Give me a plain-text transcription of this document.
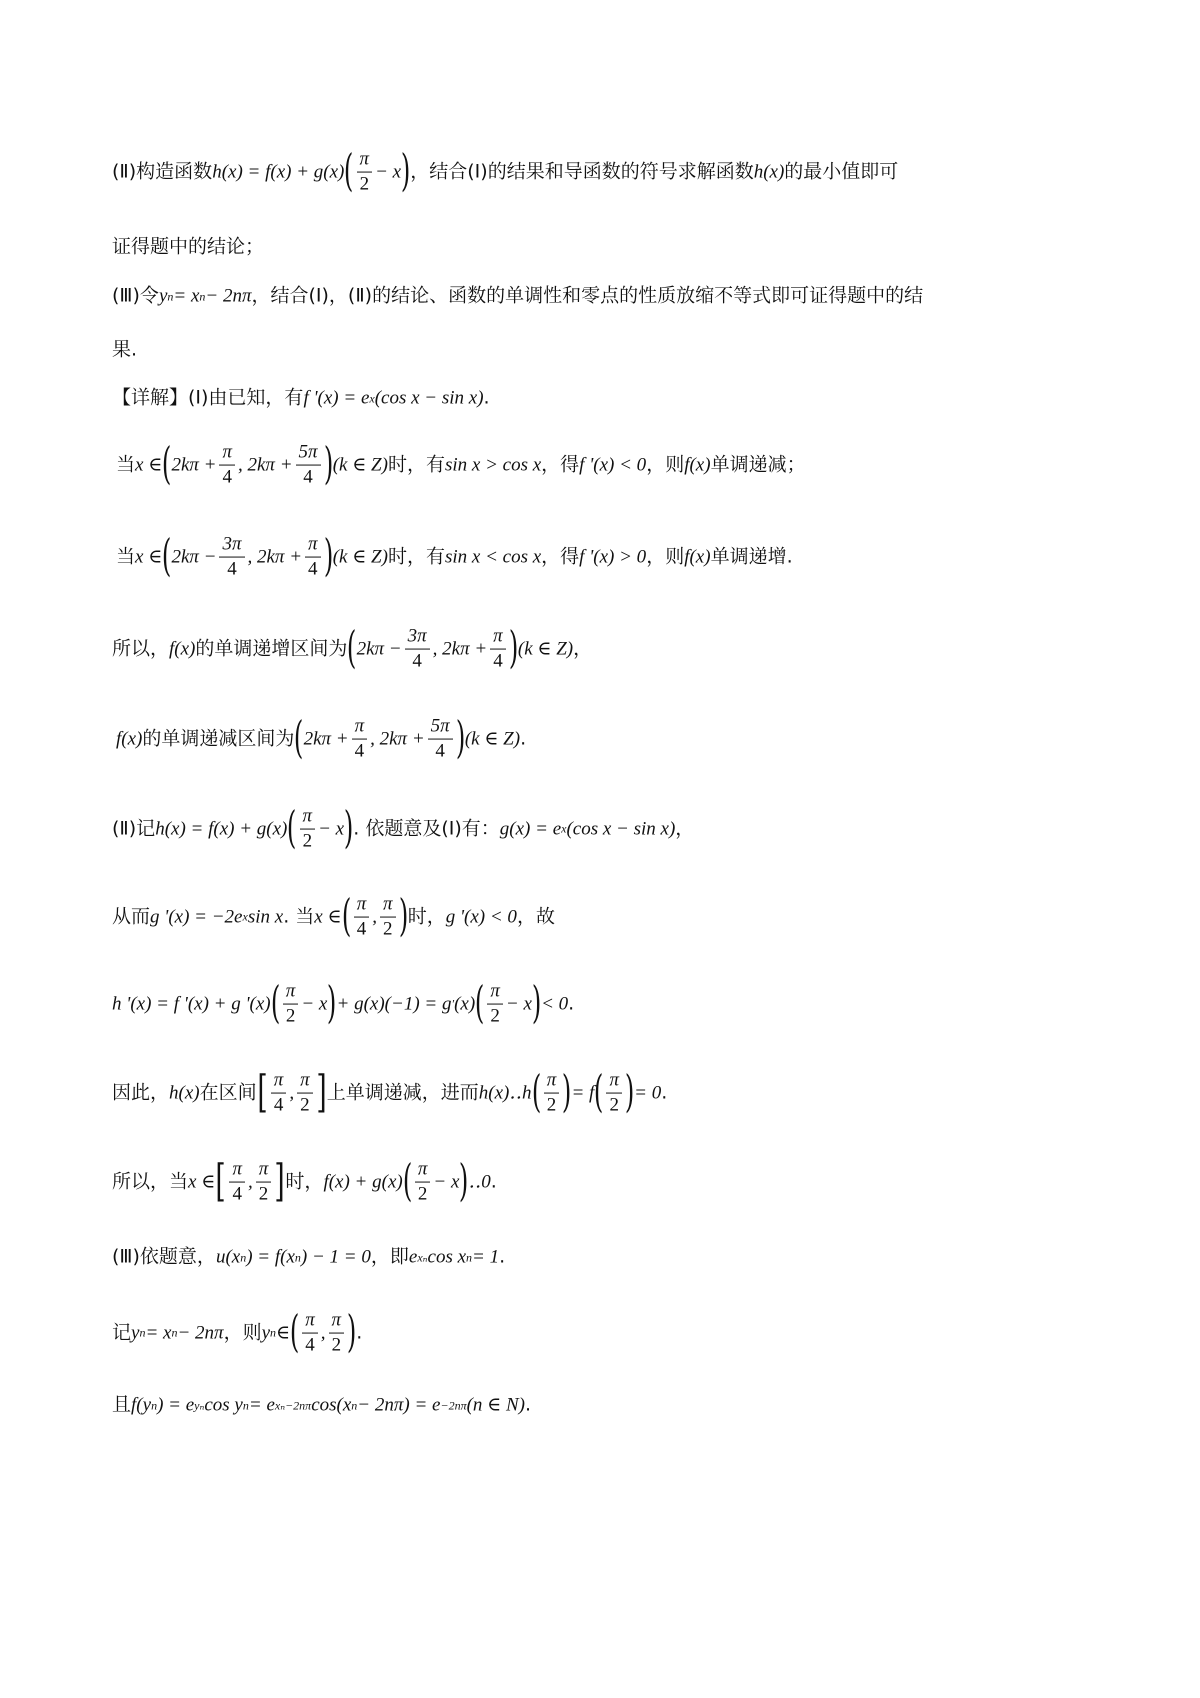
(Ⅱ)构造函数 h(x) = f(x) + g(x) ( $\frac{\pi}{2} - x$ ) ，结合(Ⅰ)的结果和导函数的符号求解函数 h(x) 的最小值即可
证得题中的结论；
(Ⅲ)令 y n = x n − 2nπ ，结合(Ⅰ)，(Ⅱ)的结论、函数的单调性和零点的性质放缩不等式即可证得题中的结
果.
【详解】(Ⅰ)由已知，有 f '(x) = e x (cos x − sin x) .
当 x ∈ ( $2k\pi + \frac{\pi}{4}$ , $2k\pi + \frac{5\pi}{4}$ ) (k ∈ Z) 时，有 sin x > cos x ，得 f '(x) < 0 ，则 f(x) 单调递减；
当 x ∈ ( $2k\pi - \frac{3\pi}{4}$ , $2k\pi + \frac{\pi}{4}$ ) (k ∈ Z) 时，有 sin x < cos x ，得 f '(x) > 0 ，则 f(x) 单调递增.
所以， f(x) 的单调递增区间为 ( $2k\pi - \frac{3\pi}{4}$ , $2k\pi + \frac{\pi}{4}$ ) (k ∈ Z) ，
f(x) 的单调递减区间为 ( $2k\pi + \frac{\pi}{4}$ , $2k\pi + \frac{5\pi}{4}$ ) (k ∈ Z) .
(Ⅱ)记 h(x) = f(x) + g(x) ( $\frac{\pi}{2} - x$ ) . 依题意及(Ⅰ)有： g(x) = e x (cos x − sin x) ，
从而 g '(x) = −2e x sin x . 当 x ∈ ( $\frac{\pi}{4}$ , $\frac{\pi}{2}$ ) 时， g '(x) < 0 ，故
h '(x) = f '(x) + g '(x) ( $\frac{\pi}{2} - x$ ) + g(x)(−1) = g ′ (x) ( $\frac{\pi}{2} - x$ ) < 0 .
因此， h(x) 在区间 [ $\frac{\pi}{4}$ , $\frac{\pi}{2}$ ] 上单调递减，进而 h(x)‥h ( $\frac{\pi}{2}$ ) = f ( $\frac{\pi}{2}$ ) = 0 .
所以，当 x ∈ [ $\frac{\pi}{4}$ , $\frac{\pi}{2}$ ] 时， f(x) + g(x) ( $\frac{\pi}{2} - x$ ) ‥0 .
(Ⅲ)依题意， u(x n ) = f(x n ) − 1 = 0 ，即 e xₙ cos x n = 1 .
记 y n = x n − 2nπ ，则 y n ∈ ( $\frac{\pi}{4}$ , $\frac{\pi}{2}$ ) .
且 f(y n ) = e yₙ cos y n = e xₙ−2nπ cos(x n − 2nπ) = e −2nπ (n ∈ N) .
